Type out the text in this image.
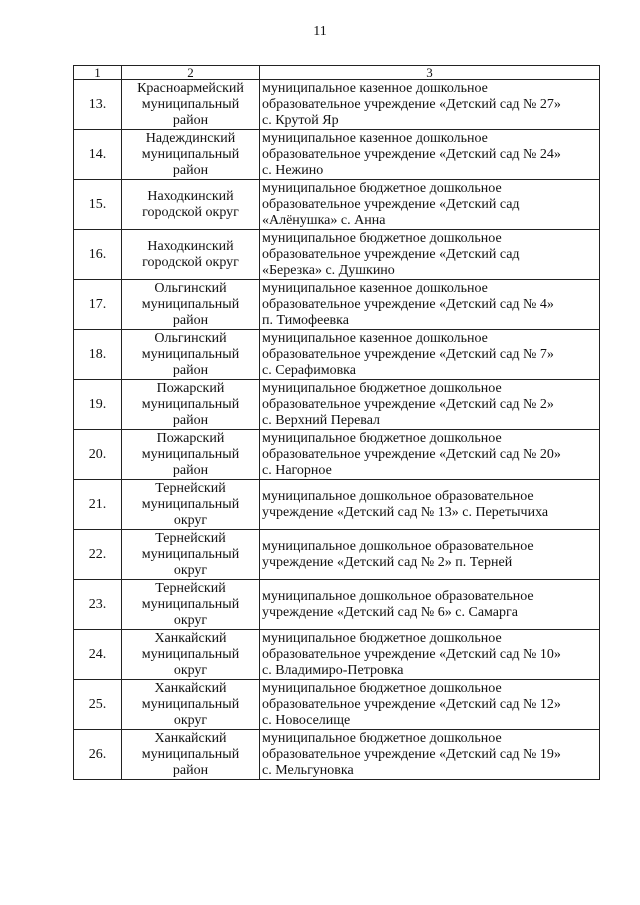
11
1	2	3
13.	Красноармейский
муниципальный
район	муниципальное казенное дошкольное
образовательное учреждение «Детский сад № 27»
с. Крутой Яр
14.	Надеждинский
муниципальный
район	муниципальное казенное дошкольное
образовательное учреждение «Детский сад № 24»
с. Нежино
15.	Находкинский
городской округ	муниципальное бюджетное дошкольное
образовательное учреждение «Детский сад
«Алёнушка» с. Анна
16.	Находкинский
городской округ	муниципальное бюджетное дошкольное
образовательное учреждение «Детский сад
«Березка» с. Душкино
17.	Ольгинский
муниципальный
район	муниципальное казенное дошкольное
образовательное учреждение «Детский сад № 4»
п. Тимофеевка
18.	Ольгинский
муниципальный
район	муниципальное казенное дошкольное
образовательное учреждение «Детский сад № 7»
с. Серафимовка
19.	Пожарский
муниципальный
район	муниципальное бюджетное дошкольное
образовательное учреждение «Детский сад № 2»
с. Верхний Перевал
20.	Пожарский
муниципальный
район	муниципальное бюджетное дошкольное
образовательное учреждение «Детский сад № 20»
с. Нагорное
21.	Тернейский
муниципальный
округ	муниципальное дошкольное образовательное
учреждение «Детский сад № 13» с. Перетычиха
22.	Тернейский
муниципальный
округ	муниципальное дошкольное образовательное
учреждение «Детский сад № 2» п. Терней
23.	Тернейский
муниципальный
округ	муниципальное дошкольное образовательное
учреждение «Детский сад № 6» с. Самарга
24.	Ханкайский
муниципальный
округ	муниципальное бюджетное дошкольное
образовательное учреждение «Детский сад № 10»
с. Владимиро-Петровка
25.	Ханкайский
муниципальный
округ	муниципальное бюджетное дошкольное
образовательное учреждение «Детский сад № 12»
с. Новоселище
26.	Ханкайский
муниципальный
район	муниципальное бюджетное дошкольное
образовательное учреждение «Детский сад № 19»
с. Мельгуновка
